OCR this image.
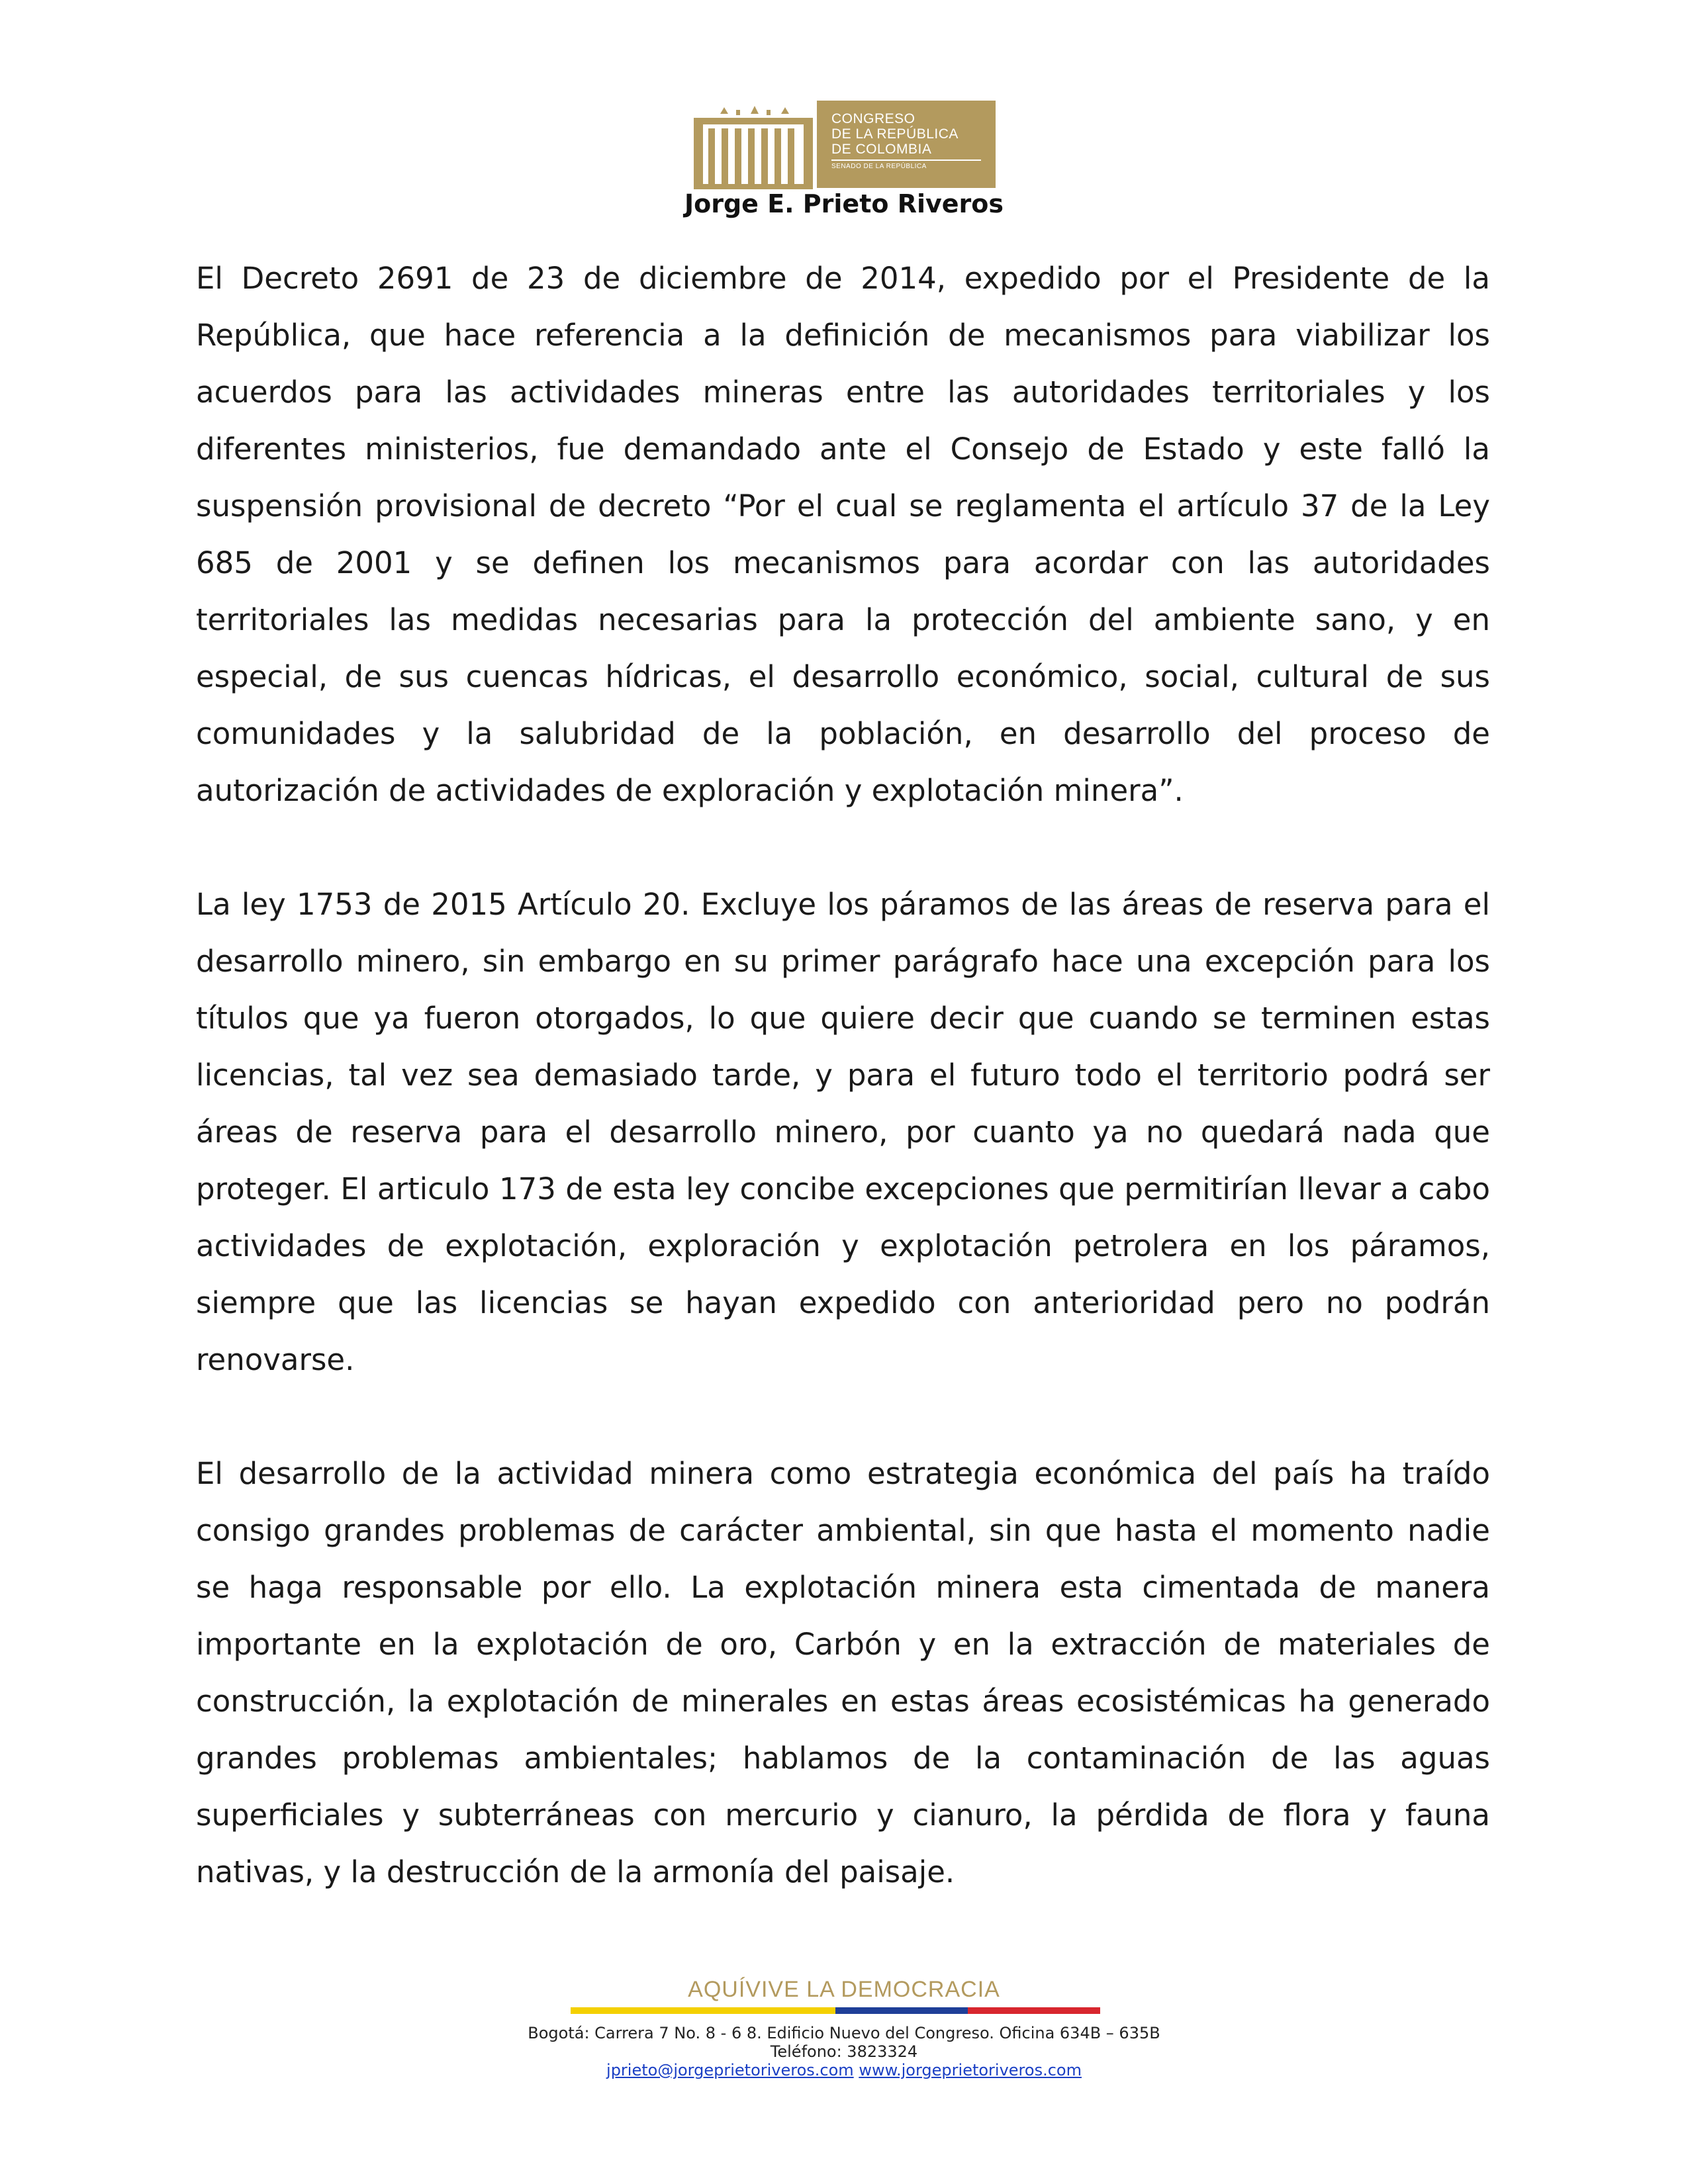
CONGRESO
DE LA REPÚBLICA
DE COLOMBIA
SENADO DE LA REPÚBLICA
Jorge E. Prieto Riveros

El Decreto 2691 de 23 de diciembre de 2014, expedido por el Presidente de la República, que hace referencia a la definición de mecanismos para viabilizar los acuerdos para las actividades mineras entre las autoridades territoriales y los diferentes ministerios, fue demandado ante el Consejo de Estado y este falló la suspensión provisional de decreto “Por el cual se reglamenta el artículo 37 de la Ley 685 de 2001 y se definen los mecanismos para acordar con las autoridades territoriales las medidas necesarias para la protección del ambiente sano, y en especial, de sus cuencas hídricas, el desarrollo económico, social, cultural de sus comunidades y la salubridad de la población, en desarrollo del proceso de autorización de actividades de exploración y explotación minera”.

La ley 1753 de 2015 Artículo 20. Excluye los páramos de las áreas de reserva para el desarrollo minero, sin embargo en su primer parágrafo hace una excepción para los títulos que ya fueron otorgados, lo que quiere decir que cuando se terminen estas licencias, tal vez sea demasiado tarde, y para el futuro todo el territorio podrá ser áreas de reserva para el desarrollo minero, por cuanto ya no quedará nada que proteger. El articulo 173 de esta ley concibe excepciones que permitirían llevar a cabo actividades de explotación, exploración y explotación petrolera en los páramos, siempre que las licencias se hayan expedido con anterioridad pero no podrán renovarse.

El desarrollo de la actividad minera como estrategia económica del país ha traído consigo grandes problemas de carácter ambiental, sin que hasta el momento nadie se haga responsable por ello. La explotación minera esta cimentada de manera importante en la explotación de oro, Carbón y en la extracción de materiales de construcción, la explotación de minerales en estas áreas ecosistémicas ha generado grandes problemas ambientales; hablamos de la contaminación de las aguas superficiales y subterráneas con mercurio y cianuro, la pérdida de flora y fauna nativas, y la destrucción de la armonía del paisaje.

AQUÍVIVE LA DEMOCRACIA
Bogotá: Carrera 7 No. 8 - 6 8. Edificio Nuevo del Congreso. Oficina 634B – 635B
Teléfono: 3823324
jprieto@jorgeprietoriveros.com www.jorgeprietoriveros.com
